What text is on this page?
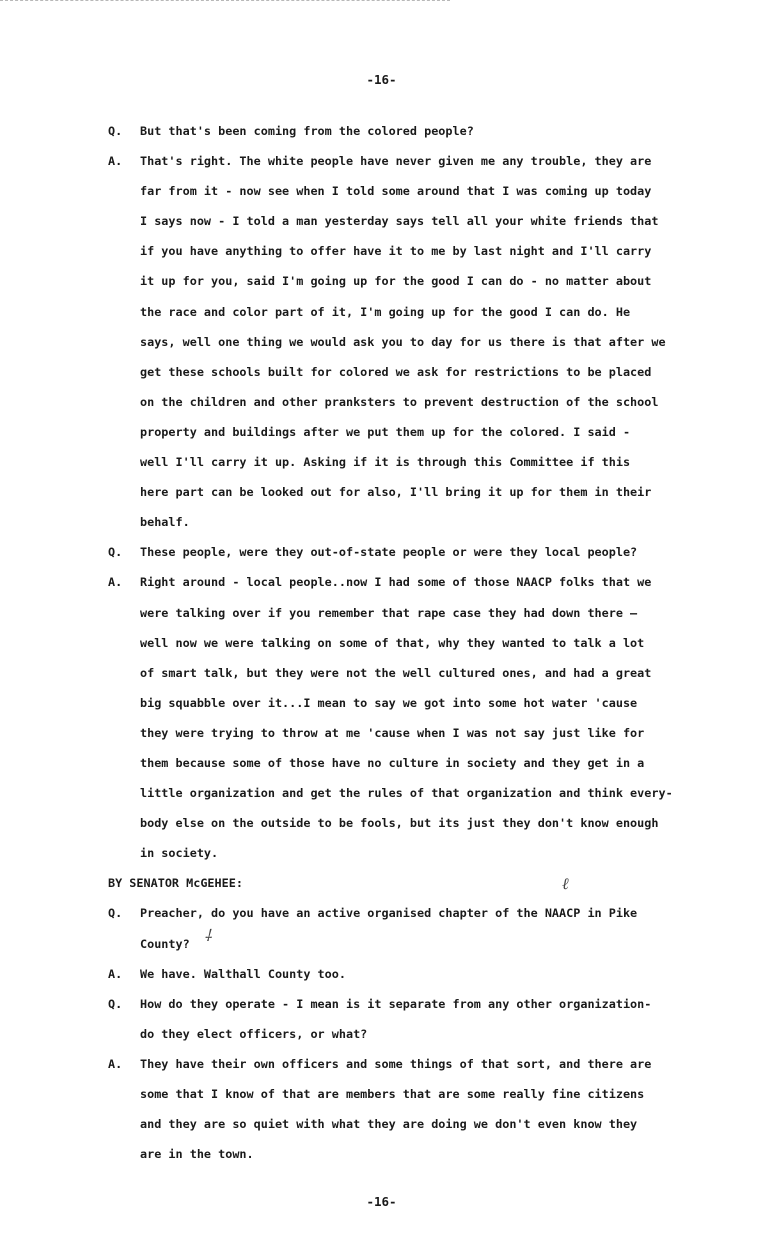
-16-
Q. But that's been coming from the colored people?
A. That's right. The white people have never given me any trouble, they are
far from it - now see when I told some around that I was coming up today
I says now - I told a man yesterday says tell all your white friends that
if you have anything to offer have it to me by last night and I'll carry
it up for you, said I'm going up for the good I can do - no matter about
the race and color part of it, I'm going up for the good I can do. He
says, well one thing we would ask you to day for us there is that after we
get these schools built for colored we ask for restrictions to be placed
on the children and other pranksters to prevent destruction of the school
property and buildings after we put them up for the colored. I said -
well I'll carry it up. Asking if it is through this Committee if this
here part can be looked out for also, I'll bring it up for them in their
behalf.
Q. These people, were they out-of-state people or were they local people?
A. Right around - local people..now I had some of those NAACP folks that we
were talking over if you remember that rape case they had down there —
well now we were talking on some of that, why they wanted to talk a lot
of smart talk, but they were not the well cultured ones, and had a great
big squabble over it...I mean to say we got into some hot water 'cause
they were trying to throw at me 'cause when I was not say just like for
them because some of those have no culture in society and they get in a
little organization and get the rules of that organization and think every-
body else on the outside to be fools, but its just they don't know enough
in society.
BY SENATOR McGEHEE:
Q. Preacher, do you have an active organised chapter of the NAACP in Pike
County?
A. We have. Walthall County too.
Q. How do they operate - I mean is it separate from any other organization-
do they elect officers, or what?
A. They have their own officers and some things of that sort, and there are
some that I know of that are members that are some really fine citizens
and they are so quiet with what they are doing we don't even know they
are in the town.
ℓ
⸸
-16-
